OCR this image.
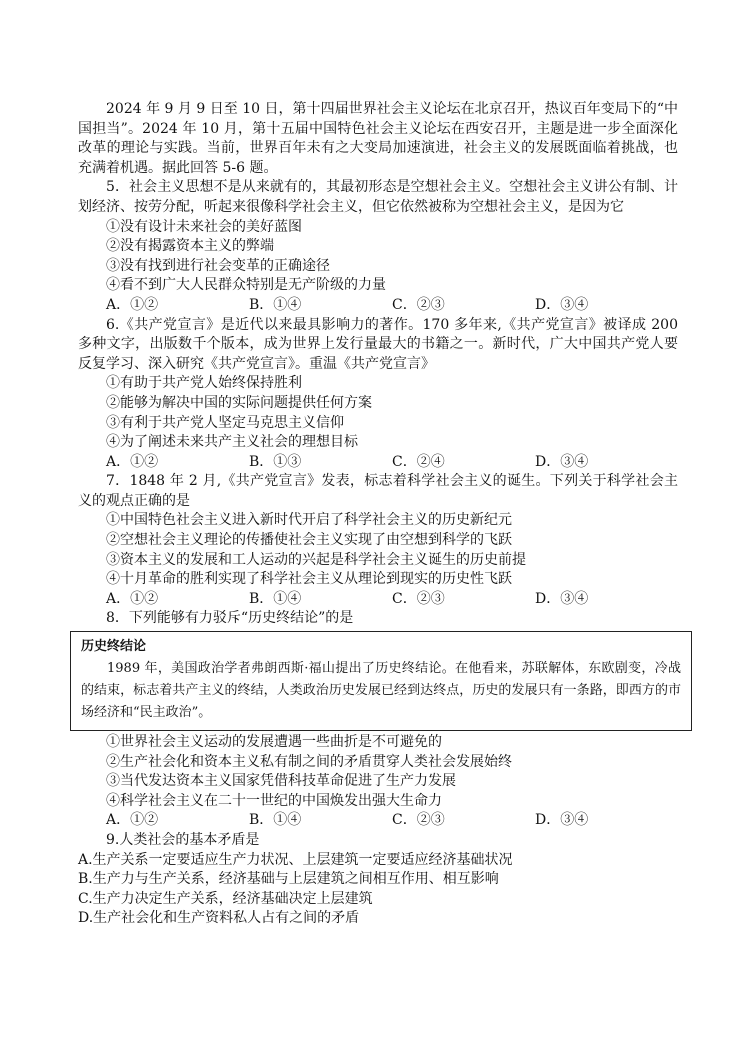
2024 年 9 月 9 日至 10 日，第十四届世界社会主义论坛在北京召开，热议百年变局下的“中国担当”。2024 年 10 月，第十五届中国特色社会主义论坛在西安召开，主题是进一步全面深化改革的理论与实践。当前，世界百年未有之大变局加速演进，社会主义的发展既面临着挑战，也充满着机遇。据此回答 5-6 题。

5．社会主义思想不是从来就有的，其最初形态是空想社会主义。空想社会主义讲公有制、计划经济、按劳分配，听起来很像科学社会主义，但它依然被称为空想社会主义，是因为它

①没有设计未来社会的美好蓝图

②没有揭露资本主义的弊端

③没有找到进行社会变革的正确途径

④看不到广大人民群众特别是无产阶级的力量

A．①②	B．①④	C．②③	D．③④

6.《共产党宣言》是近代以来最具影响力的著作。170 多年来,《共产党宣言》被译成 200 多种文字，出版数千个版本，成为世界上发行量最大的书籍之一。新时代，广大中国共产党人要反复学习、深入研究《共产党宣言》。重温《共产党宣言》

①有助于共产党人始终保持胜利

②能够为解决中国的实际问题提供任何方案

③有利于共产党人坚定马克思主义信仰

④为了阐述未来共产主义社会的理想目标

A．①②	B．①③	C．②④	D．③④

7．1848 年 2 月,《共产党宣言》发表，标志着科学社会主义的诞生。下列关于科学社会主义的观点正确的是

①中国特色社会主义进入新时代开启了科学社会主义的历史新纪元

②空想社会主义理论的传播使社会主义实现了由空想到科学的飞跃

③资本主义的发展和工人运动的兴起是科学社会主义诞生的历史前提

④十月革命的胜利实现了科学社会主义从理论到现实的历史性飞跃

A．①②	B．①④	C．②③	D．③④

8．下列能够有力驳斥“历史终结论”的是

历史终结论

1989 年，美国政治学者弗朗西斯·福山提出了历史终结论。在他看来，苏联解体，东欧剧变，冷战的结束，标志着共产主义的终结，人类政治历史发展已经到达终点，历史的发展只有一条路，即西方的市场经济和“民主政治”。

①世界社会主义运动的发展遭遇一些曲折是不可避免的

②生产社会化和资本主义私有制之间的矛盾贯穿人类社会发展始终

③当代发达资本主义国家凭借科技革命促进了生产力发展

④科学社会主义在二十一世纪的中国焕发出强大生命力

A．①②	B．①④	C．②③	D．③④

9.人类社会的基本矛盾是

A.生产关系一定要适应生产力状况、上层建筑一定要适应经济基础状况

B.生产力与生产关系，经济基础与上层建筑之间相互作用、相互影响

C.生产力决定生产关系，经济基础决定上层建筑

D.生产社会化和生产资料私人占有之间的矛盾
